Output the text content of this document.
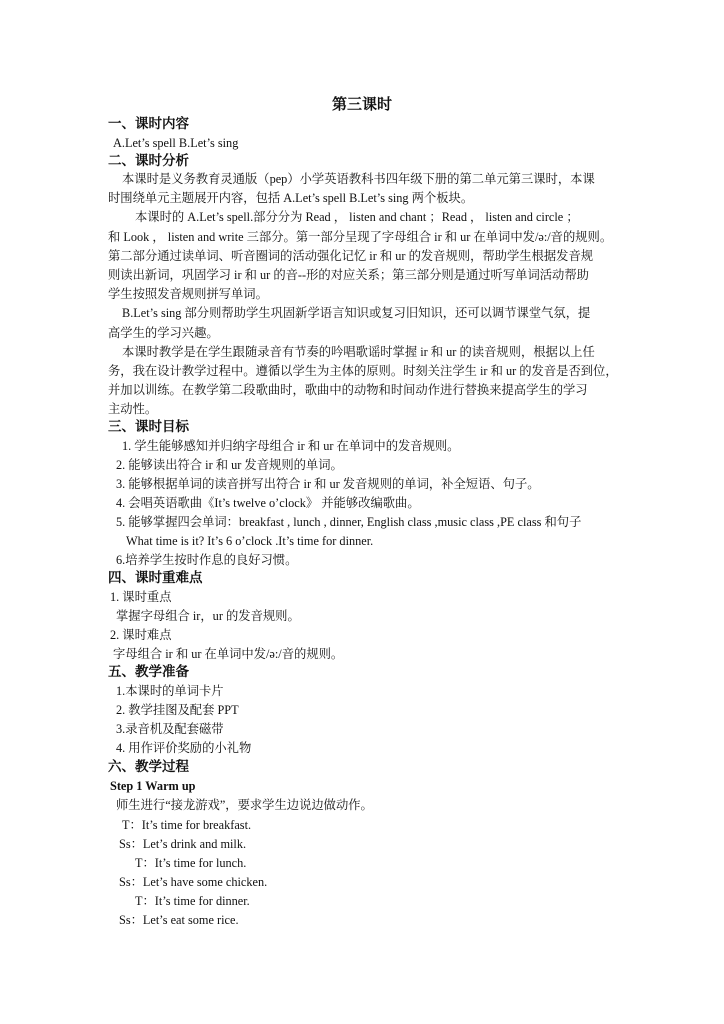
第三课时
一、课时内容
A.Let’s spell B.Let’s sing
二、课时分析
本课时是义务教育灵通版（pep）小学英语教科书四年级下册的第二单元第三课时，本课
时围绕单元主题展开内容，包括 A.Let’s spell B.Let’s sing 两个板块。
本课时的 A.Let’s spell.部分分为 Read ， listen and chant ；Read ， listen and circle ；
和 Look ， listen and write 三部分。第一部分呈现了字母组合 ir 和 ur 在单词中发/ə:/音的规则。
第二部分通过读单词、听音圈词的活动强化记忆 ir 和 ur 的发音规则，帮助学生根据发音规
则读出新词，巩固学习 ir 和 ur 的音--形的对应关系；第三部分则是通过听写单词活动帮助
学生按照发音规则拼写单词。
B.Let’s sing 部分则帮助学生巩固新学语言知识或复习旧知识，还可以调节课堂气氛，提
高学生的学习兴趣。
本课时教学是在学生跟随录音有节奏的吟唱歌谣时掌握 ir 和 ur 的读音规则，根据以上任
务，我在设计教学过程中。遵循以学生为主体的原则。时刻关注学生 ir 和 ur 的发音是否到位，
并加以训练。在教学第二段歌曲时，歌曲中的动物和时间动作进行替换来提高学生的学习
主动性。
三、课时目标
1. 学生能够感知并归纳字母组合 ir 和 ur 在单词中的发音规则。
2. 能够读出符合 ir 和 ur 发音规则的单词。
3. 能够根据单词的读音拼写出符合 ir 和 ur 发音规则的单词，补全短语、句子。
4. 会唱英语歌曲《It’s twelve o’clock》 并能够改编歌曲。
5. 能够掌握四会单词：breakfast , lunch , dinner, English class ,music class ,PE class 和句子
What time is it? It’s 6 o’clock .It’s time for dinner.
6.培养学生按时作息的良好习惯。
四、课时重难点
1. 课时重点
掌握字母组合 ir，ur 的发音规则。
2. 课时难点
字母组合 ir 和 ur 在单词中发/ə:/音的规则。
五、教学准备
1.本课时的单词卡片
2. 教学挂图及配套 PPT
3.录音机及配套磁带
4. 用作评价奖励的小礼物
六、教学过程
Step 1 Warm up
师生进行“接龙游戏”，要求学生边说边做动作。
T：It’s time for breakfast.
Ss：Let’s drink and milk.
T：It’s time for lunch.
Ss：Let’s have some chicken.
T：It’s time for dinner.
Ss：Let’s eat some rice.
